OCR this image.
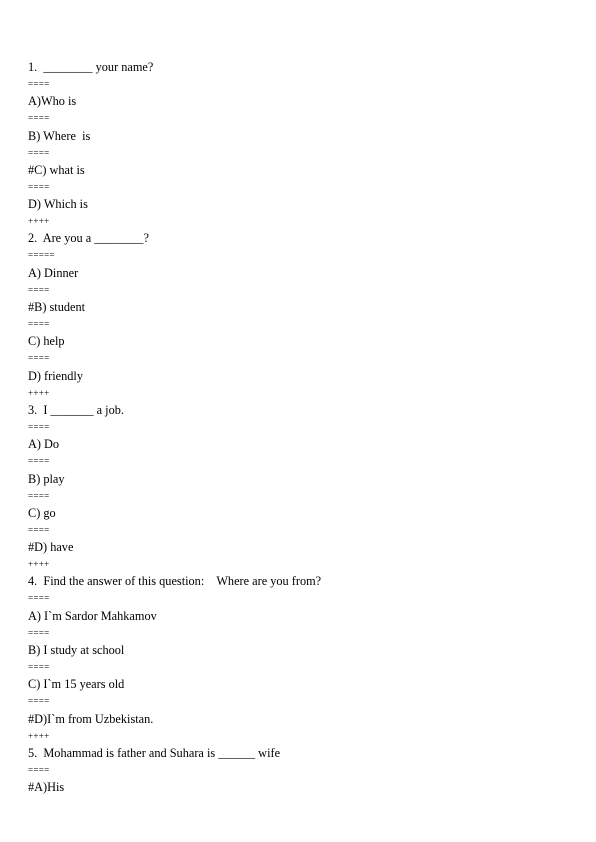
1.  ________ your name?
====
A)Who is
====
B) Where  is
====
#C) what is
====
D) Which is
++++
2.  Are you a ________?
=====
A) Dinner
====
#B) student
====
C) help
====
D) friendly
++++
3.  I _______ a job.
====
A) Do
====
B) play
====
C) go
====
#D) have
++++
4.  Find the answer of this question:    Where are you from?
====
A) I`m Sardor Mahkamov
====
B) I study at school
====
C) I`m 15 years old
====
#D)I`m from Uzbekistan.
++++
5.  Mohammad is father and Suhara is ______ wife
====
#A)His
